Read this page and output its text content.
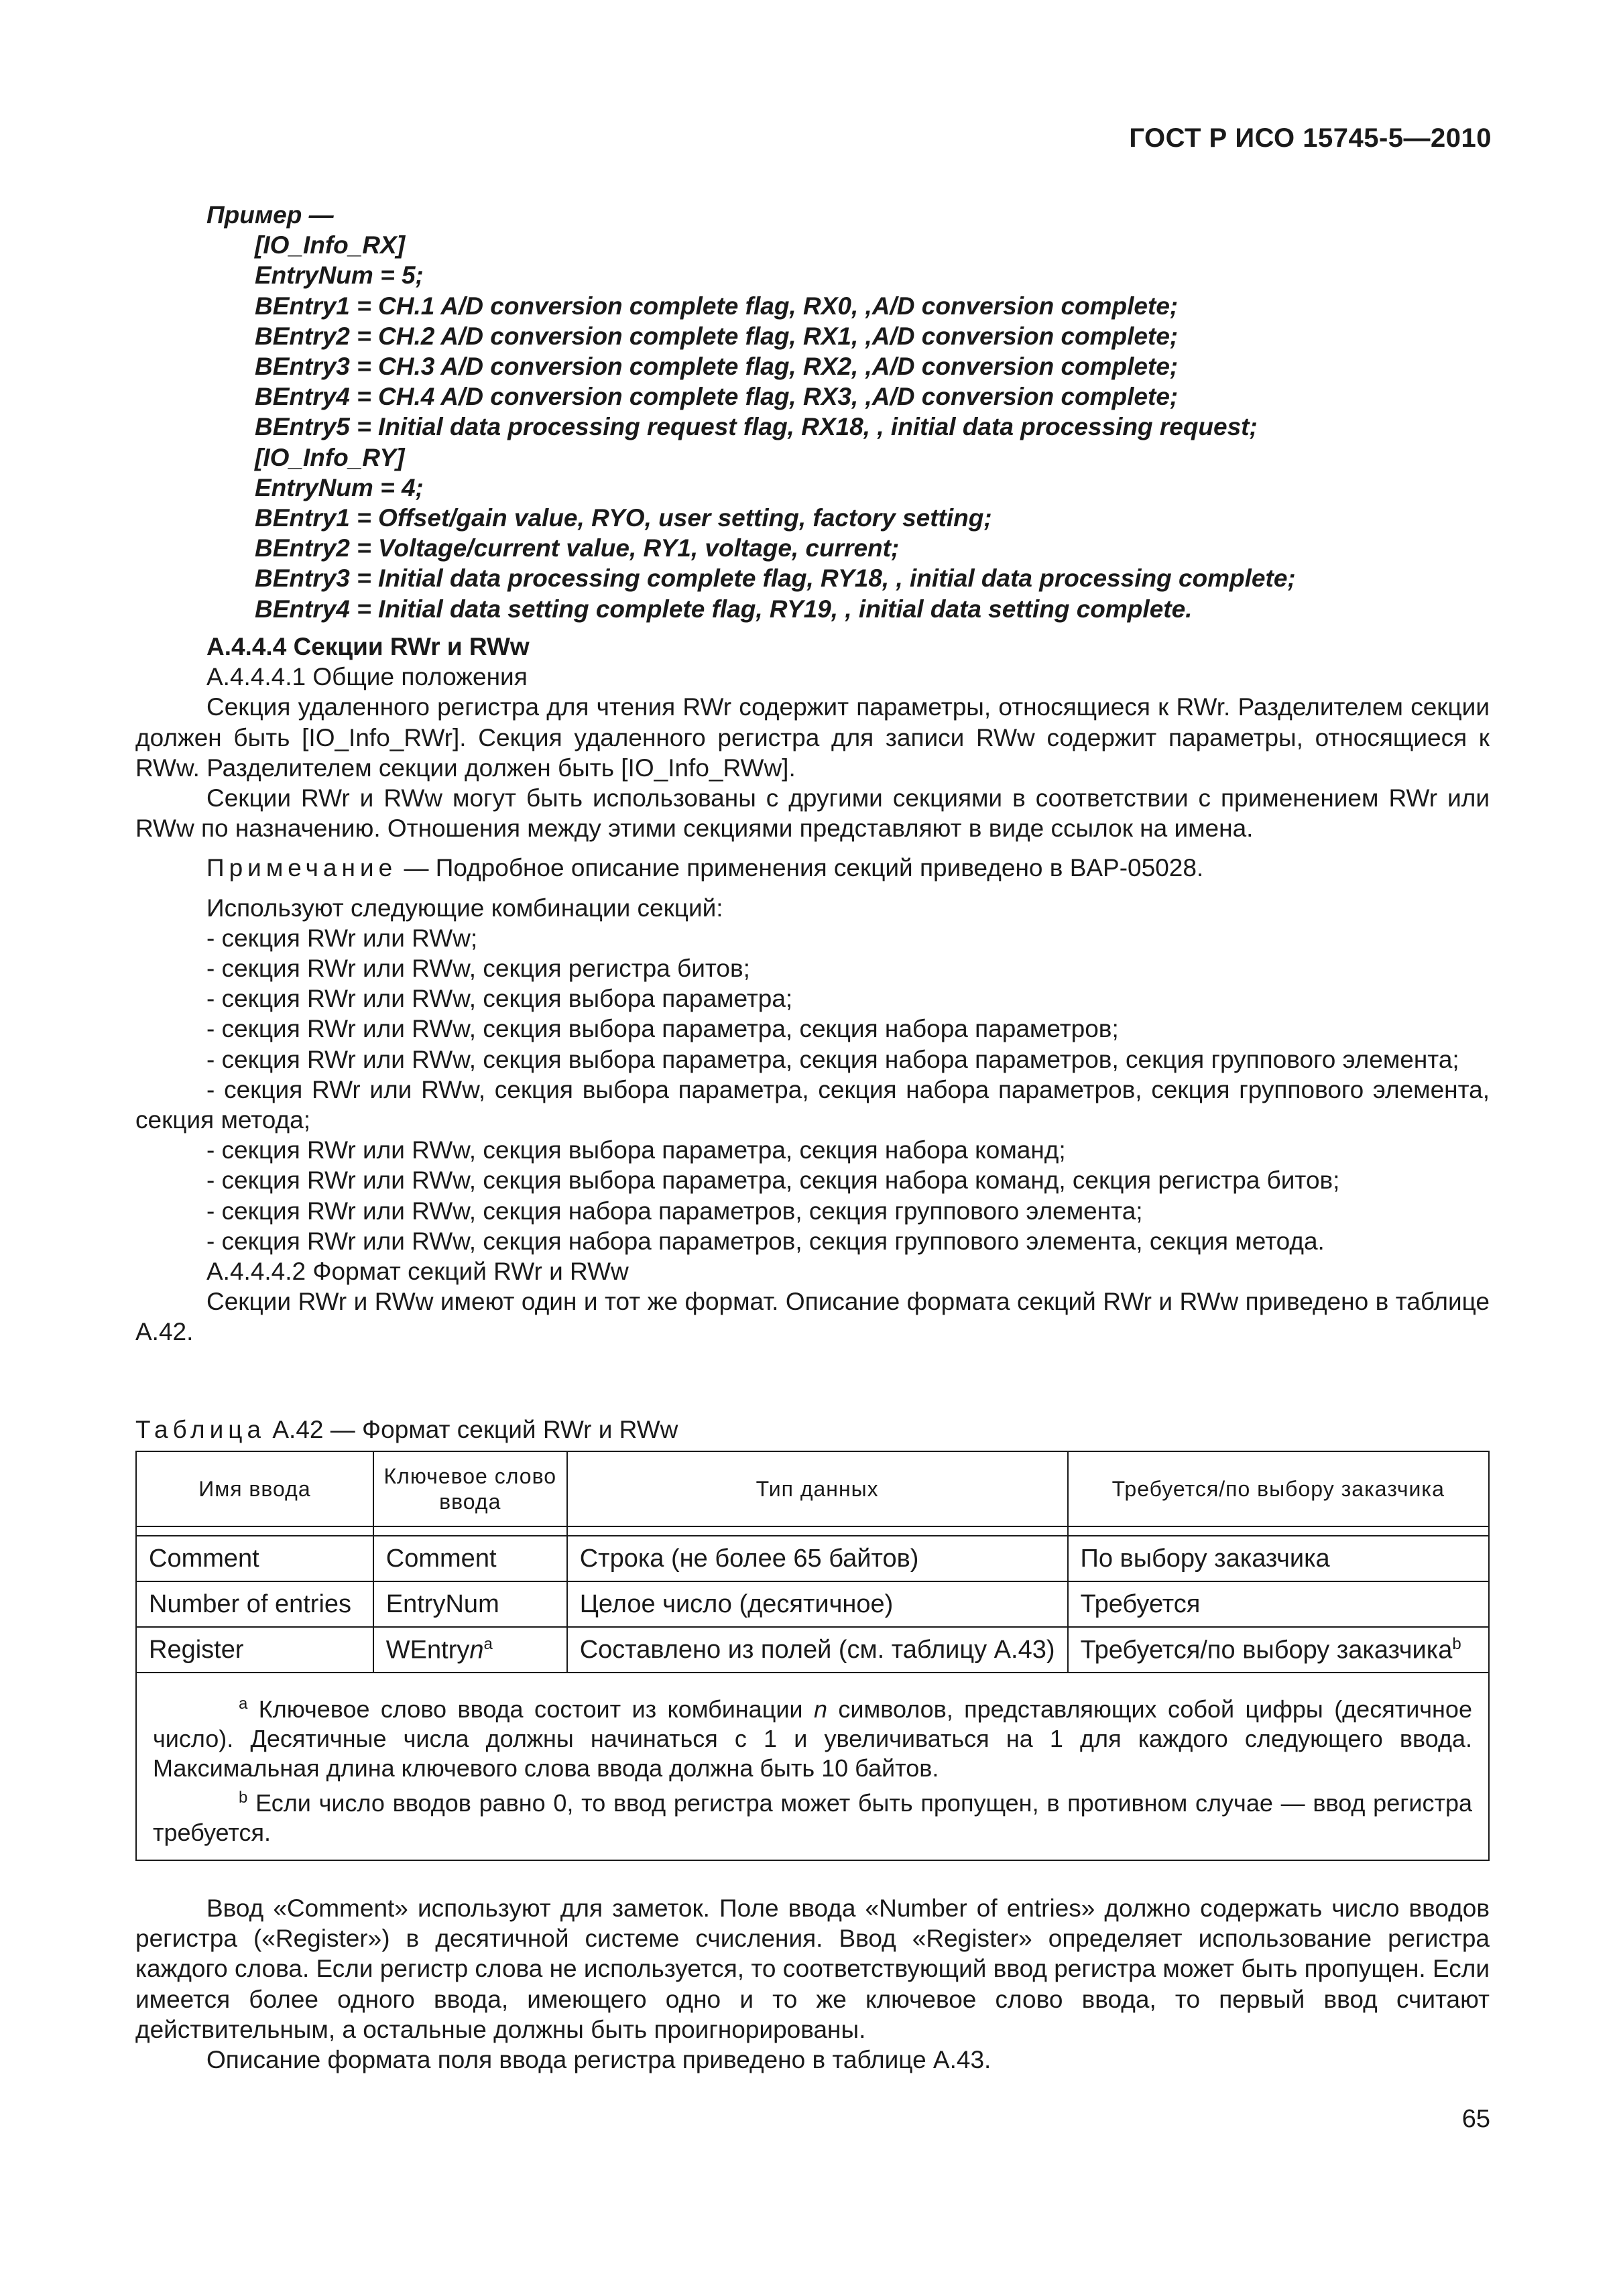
ГОСТ Р ИСО 15745-5—2010
Пример —
[IO_Info_RX]
EntryNum = 5;
BEntry1 = CH.1 A/D conversion complete flag, RX0, ,A/D conversion complete;
BEntry2 = CH.2 A/D conversion complete flag, RX1, ,A/D conversion complete;
BEntry3 = CH.3 A/D conversion complete flag, RX2, ,A/D conversion complete;
BEntry4 = CH.4 A/D conversion complete flag, RX3, ,A/D conversion complete;
BEntry5 = Initial data processing request flag, RX18, , initial data processing request;
[IO_Info_RY]
EntryNum = 4;
BEntry1 = Offset/gain value, RYO, user setting, factory setting;
BEntry2 = Voltage/current value, RY1, voltage, current;
BEntry3 = Initial data processing complete flag, RY18, , initial data processing complete;
BEntry4 = Initial data setting complete flag, RY19, , initial data setting complete.

A.4.4.4 Секции RWr и RWw

A.4.4.4.1 Общие положения

Секция удаленного регистра для чтения RWr содержит параметры, относящиеся к RWr. Разделителем секции должен быть [IO_Info_RWr]. Секция удаленного регистра для записи RWw содержит параметры, относящиеся к RWw. Разделителем секции должен быть [IO_Info_RWw].

Секции RWr и RWw могут быть использованы с другими секциями в соответствии с применением RWr или RWw по назначению. Отношения между этими секциями представляют в виде ссылок на имена.

Примечание — Подробное описание применения секций приведено в BAP-05028.

Используют следующие комбинации секций:

- секция RWr или RWw;

- секция RWr или RWw, секция регистра битов;

- секция RWr или RWw, секция выбора параметра;

- секция RWr или RWw, секция выбора параметра, секция набора параметров;

- секция RWr или RWw, секция выбора параметра, секция набора параметров, секция группового элемента;

- секция RWr или RWw, секция выбора параметра, секция набора параметров, секция группового элемента, секция метода;

- секция RWr или RWw, секция выбора параметра, секция набора команд;

- секция RWr или RWw, секция выбора параметра, секция набора команд, секция регистра битов;

- секция RWr или RWw, секция набора параметров, секция группового элемента;

- секция RWr или RWw, секция набора параметров, секция группового элемента, секция метода.

A.4.4.4.2 Формат секций RWr и RWw

Секции RWr и RWw имеют один и тот же формат. Описание формата секций RWr и RWw приведено в таблице А.42.

Таблица A.42 — Формат секций RWr и RWw
Имя ввода	Ключевое слово ввода	Тип данных	Требуется/по выбору заказчика

Comment	Comment	Строка (не более 65 байтов)	По выбору заказчика
Number of entries	EntryNum	Целое число (десятичное)	Требуется
Register	WEntryn$^a$	Составлено из полей (см. таблицу А.43)	Требуется/по выбору заказчика$^b$

$^a$ Ключевое слово ввода состоит из комбинации n символов, представляющих собой цифры (десятичное число). Десятичные числа должны начинаться с 1 и увеличиваться на 1 для каждого следующего ввода. Максимальная длина ключевого слова ввода должна быть 10 байтов.
$^b$ Если число вводов равно 0, то ввод регистра может быть пропущен, в противном случае — ввод регистра требуется.			

Ввод «Comment» используют для заметок. Поле ввода «Number of entries» должно содержать число вводов регистра («Register») в десятичной системе счисления. Ввод «Register» определяет использование регистра каждого слова. Если регистр слова не используется, то соответствующий ввод регистра может быть пропущен. Если имеется более одного ввода, имеющего одно и то же ключевое слово ввода, то первый ввод считают действительным, а остальные должны быть проигнорированы.

Описание формата поля ввода регистра приведено в таблице А.43.

65
